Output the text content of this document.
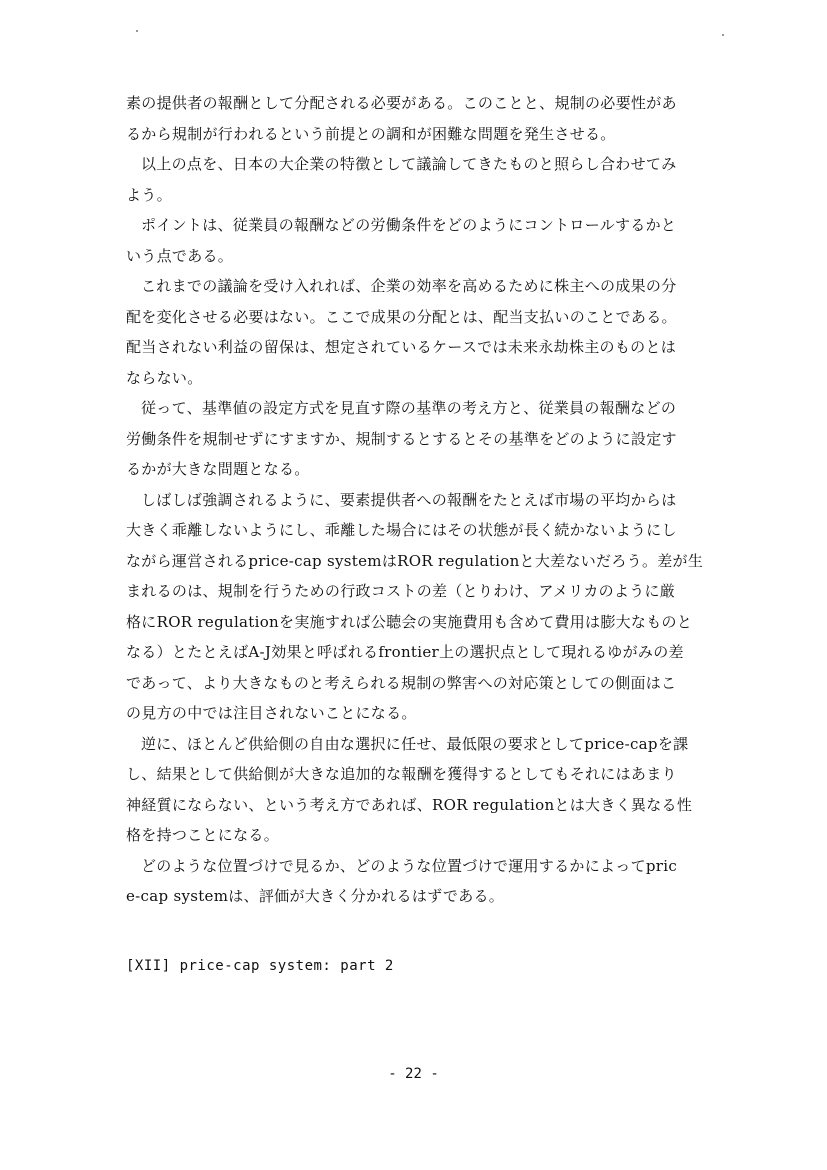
素の提供者の報酬として分配される必要がある。このことと、規制の必要性があ
るから規制が行われるという前提との調和が困難な問題を発生させる。
以上の点を、日本の大企業の特徴として議論してきたものと照らし合わせてみ
よう。
ポイントは、従業員の報酬などの労働条件をどのようにコントロールするかと
いう点である。
これまでの議論を受け入れれば、企業の効率を高めるために株主への成果の分
配を変化させる必要はない。ここで成果の分配とは、配当支払いのことである。
配当されない利益の留保は、想定されているケースでは未来永劫株主のものとは
ならない。
従って、基準値の設定方式を見直す際の基準の考え方と、従業員の報酬などの
労働条件を規制せずにすますか、規制するとするとその基準をどのように設定す
るかが大きな問題となる。
しばしば強調されるように、要素提供者への報酬をたとえば市場の平均からは
大きく乖離しないようにし、乖離した場合にはその状態が長く続かないようにし
ながら運営されるprice-cap systemはROR regulationと大差ないだろう。差が生
まれるのは、規制を行うための行政コストの差（とりわけ、アメリカのように厳
格にROR regulationを実施すれば公聴会の実施費用も含めて費用は膨大なものと
なる）とたとえばA-J効果と呼ばれるfrontier上の選択点として現れるゆがみの差
であって、より大きなものと考えられる規制の弊害への対応策としての側面はこ
の見方の中では注目されないことになる。
逆に、ほとんど供給側の自由な選択に任せ、最低限の要求としてprice-capを課
し、結果として供給側が大きな追加的な報酬を獲得するとしてもそれにはあまり
神経質にならない、という考え方であれば、ROR regulationとは大きく異なる性
格を持つことになる。
どのような位置づけで見るか、どのような位置づけで運用するかによってpric
e-cap systemは、評価が大きく分かれるはずである。
[XII] price-cap system: part 2
- 22 -
